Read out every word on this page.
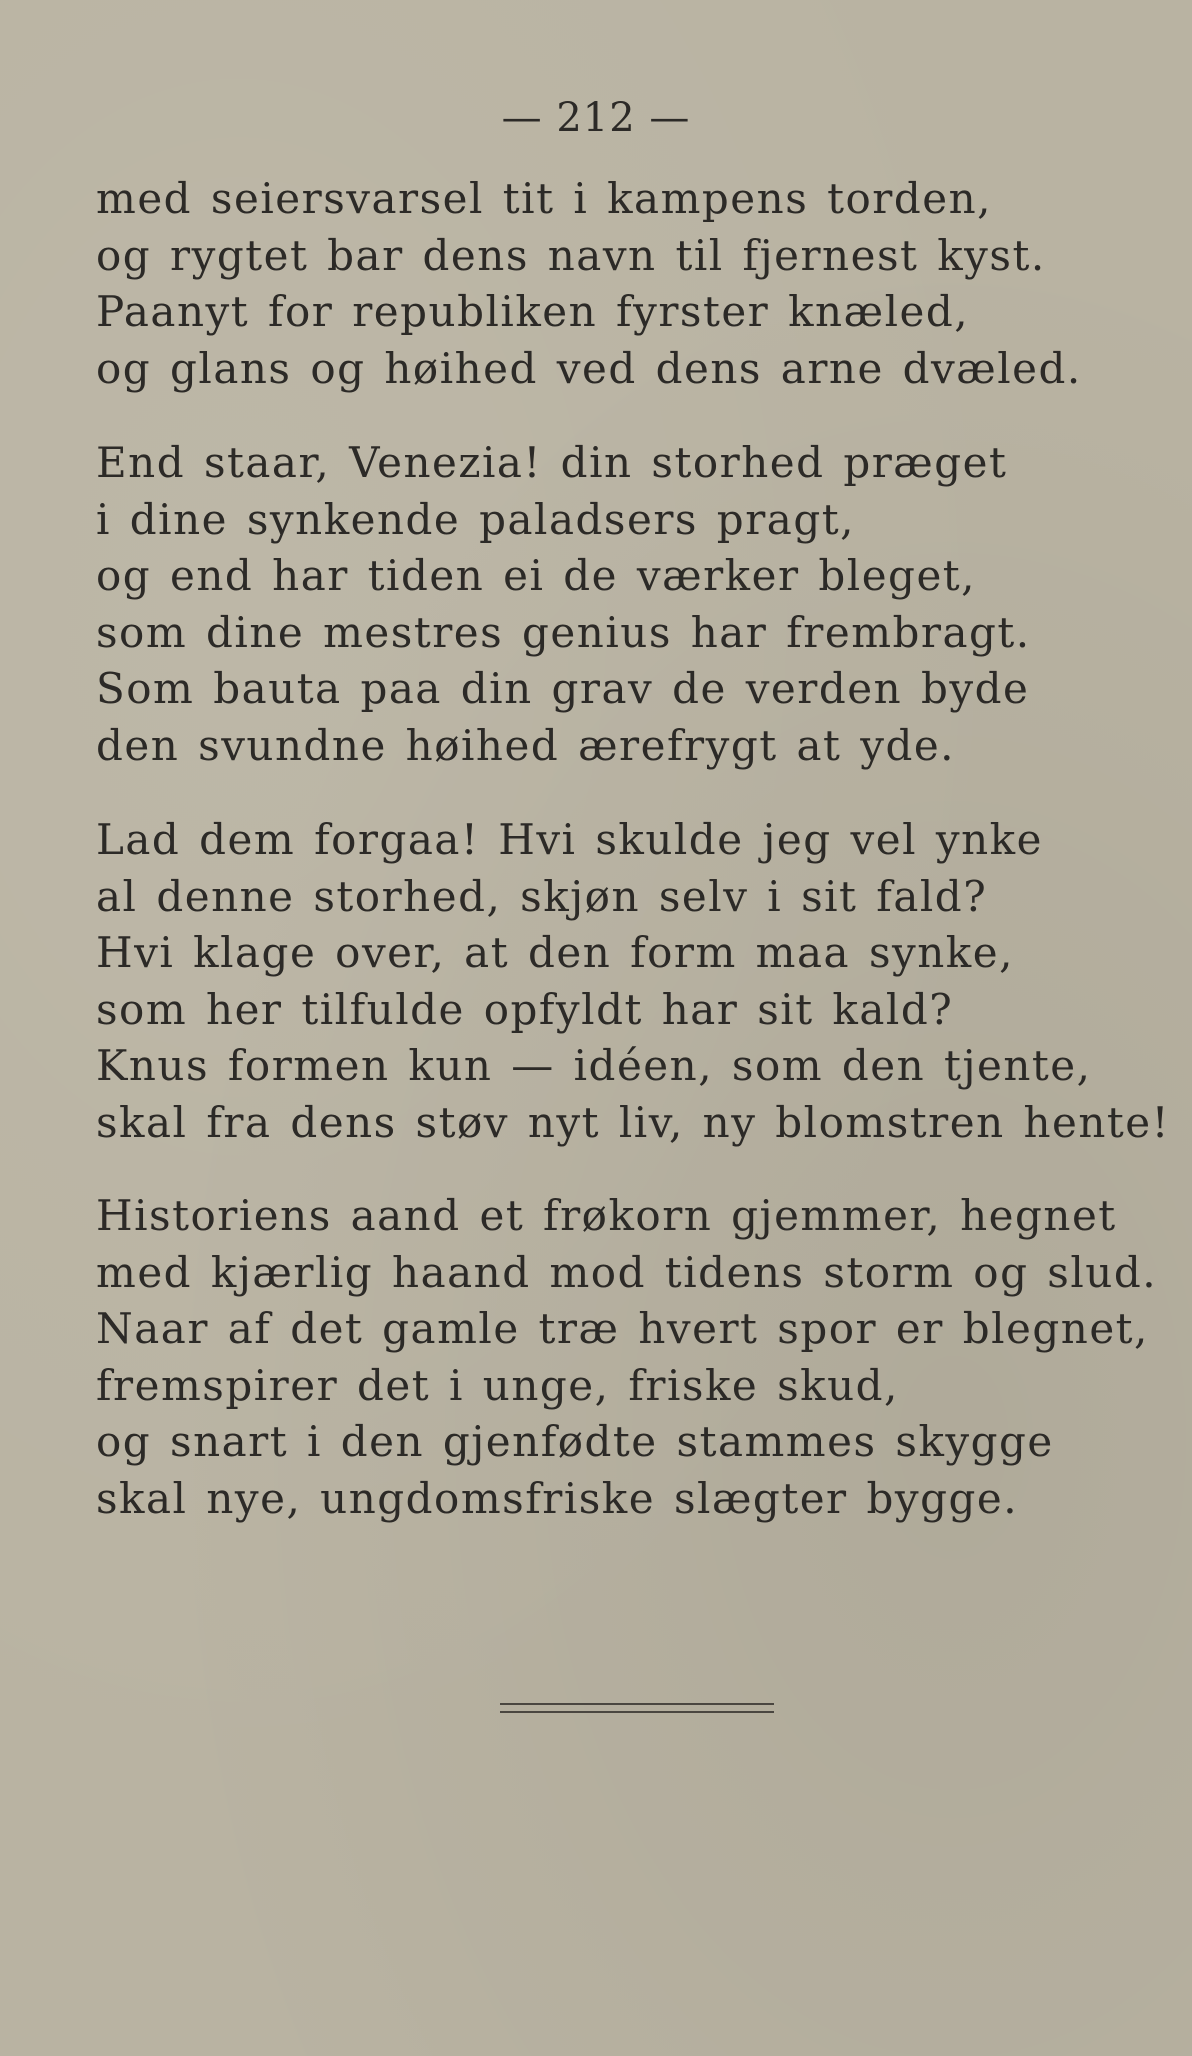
— 212 —
med seiersvarsel tit i kampens torden,
og rygtet bar dens navn til fjernest kyst.
Paanyt for republiken fyrster knæled,
og glans og høihed ved dens arne dvæled.
End staar, Venezia! din storhed præget
i dine synkende paladsers pragt,
og end har tiden ei de værker bleget,
som dine mestres genius har frembragt.
Som bauta paa din grav de verden byde
den svundne høihed ærefrygt at yde.
Lad dem forgaa! Hvi skulde jeg vel ynke
al denne storhed, skjøn selv i sit fald?
Hvi klage over, at den form maa synke,
som her tilfulde opfyldt har sit kald?
Knus formen kun — idéen, som den tjente,
skal fra dens støv nyt liv, ny blomstren hente!
Historiens aand et frøkorn gjemmer, hegnet
med kjærlig haand mod tidens storm og slud.
Naar af det gamle træ hvert spor er blegnet,
fremspirer det i unge, friske skud,
og snart i den gjenfødte stammes skygge
skal nye, ungdomsfriske slægter bygge.
